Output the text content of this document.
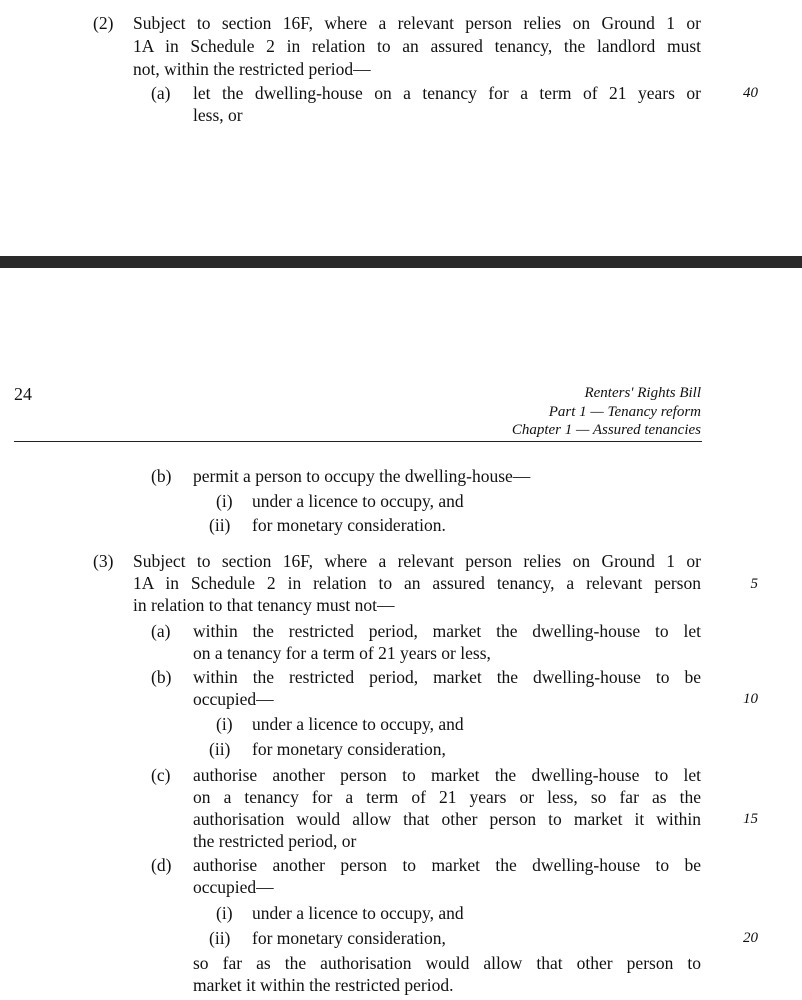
(2) Subject to section 16F, where a relevant person relies on Ground 1 or
1A in Schedule 2 in relation to an assured tenancy, the landlord must
not, within the restricted period—
(a) let the dwelling-house on a tenancy for a term of 21 years or
less, or
40
24	Renters' Rights Bill
Part 1 — Tenancy reform
Chapter 1 — Assured tenancies
(b) permit a person to occupy the dwelling-house—
(i) under a licence to occupy, and
(ii) for monetary consideration.
(3) Subject to section 16F, where a relevant person relies on Ground 1 or
1A in Schedule 2 in relation to an assured tenancy, a relevant person
in relation to that tenancy must not—
5
(a) within the restricted period, market the dwelling-house to let
on a tenancy for a term of 21 years or less,
(b) within the restricted period, market the dwelling-house to be
occupied—	10
(i) under a licence to occupy, and
(ii) for monetary consideration,
(c) authorise another person to market the dwelling-house to let
on a tenancy for a term of 21 years or less, so far as the
authorisation would allow that other person to market it within
the restricted period, or
15
(d) authorise another person to market the dwelling-house to be
occupied—
(i) under a licence to occupy, and
(ii) for monetary consideration,	20
so far as the authorisation would allow that other person to
market it within the restricted period.
